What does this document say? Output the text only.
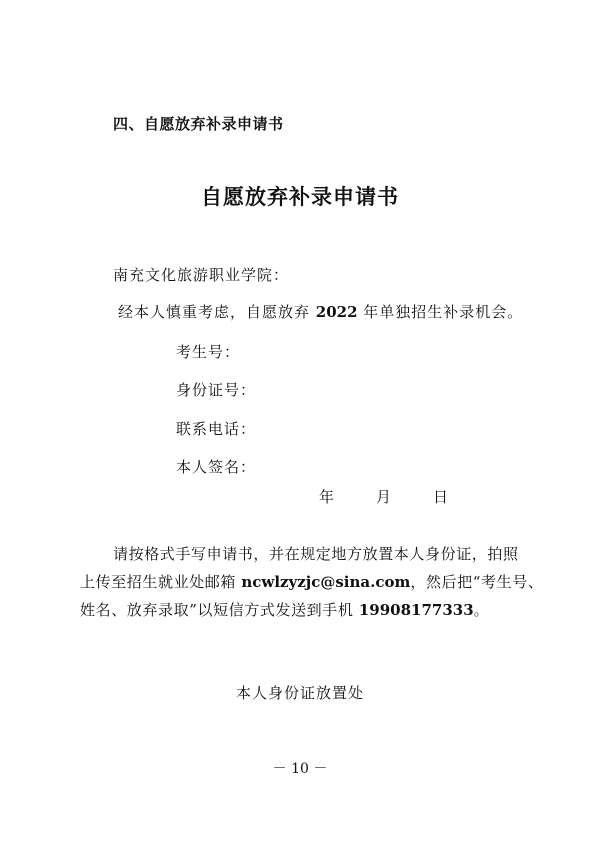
四、自愿放弃补录申请书
自愿放弃补录申请书
南充文化旅游职业学院：
经本人慎重考虑，自愿放弃 2022 年单独招生补录机会。
考生号：
身份证号：
联系电话：
本人签名：
年	月	日
请按格式手写申请书，并在规定地方放置本人身份证，拍照
上传至招生就业处邮箱 ncwlzyzjc@sina.com，然后把“考生号、
姓名、放弃录取”以短信方式发送到手机 19908177333。
本人身份证放置处
－ 10 －
